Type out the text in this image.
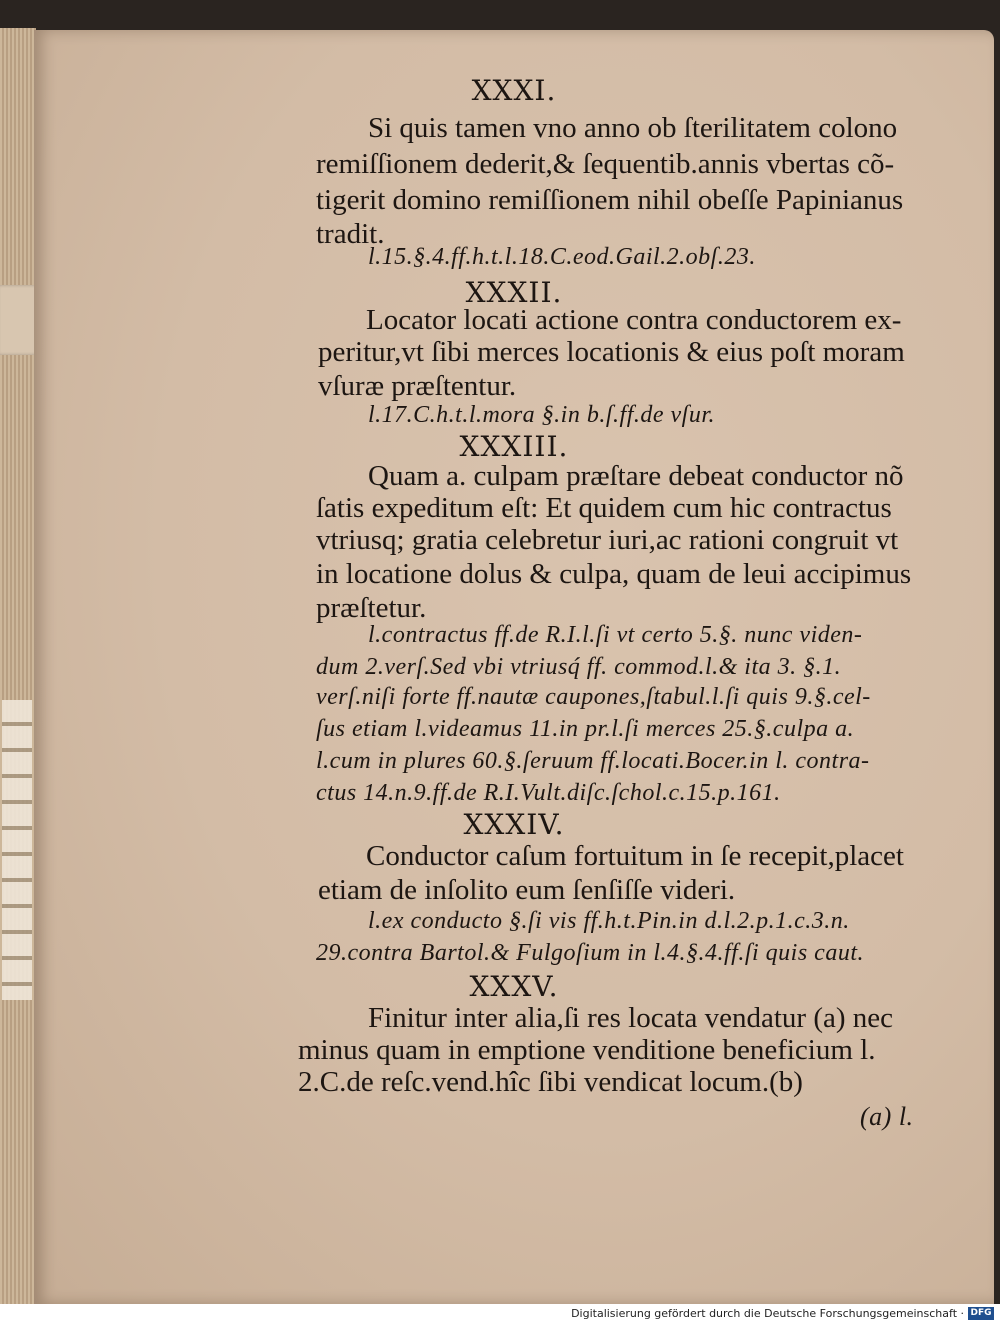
XXXI.
Si quis tamen vno anno ob ſterilitatem colono
remiſſionem dederit,& ſequentib.annis vbertas cõ-
tigerit domino remiſſionem nihil obeſſe Papinianus
tradit.
l.15.§.4.ff.h.t.l.18.C.eod.Gail.2.obſ.23.
XXXII.
Locator locati actione contra conductorem ex-
peritur,vt ſibi merces locationis & eius poſt moram
vſuræ præſtentur.
l.17.C.h.t.l.mora §.in b.ſ.ff.de vſur.
XXXIII.
Quam a. culpam præſtare debeat conductor nõ
ſatis expeditum eſt: Et quidem cum hic contractus
vtriusq; gratia celebretur iuri,ac rationi congruit vt
in locatione dolus & culpa, quam de leui accipimus
præſtetur.
l.contractus ff.de R.I.l.ſi vt certo 5.§. nunc viden-
dum 2.verſ.Sed vbi vtriusq́ ff. commod.l.& ita 3. §.1.
verſ.niſi forte ff.nautæ caupones,ſtabul.l.ſi quis 9.§.cel-
ſus etiam l.videamus 11.in pr.l.ſi merces 25.§.culpa a.
l.cum in plures 60.§.ſeruum ff.locati.Bocer.in l. contra-
ctus 14.n.9.ff.de R.I.Vult.diſc.ſchol.c.15.p.161.
XXXIV.
Conductor caſum fortuitum in ſe recepit,placet
etiam de inſolito eum ſenſiſſe videri.
l.ex conducto §.ſi vis ff.h.t.Pin.in d.l.2.p.1.c.3.n.
29.contra Bartol.& Fulgoſium in l.4.§.4.ff.ſi quis caut.
XXXV.
Finitur inter alia,ſi res locata vendatur (a) nec
minus quam in emptione venditione beneficium l.
2.C.de reſc.vend.hîc ſibi vendicat locum.(b)
(a) l.
Digitalisierung gefördert durch die Deutsche Forschungsgemeinschaft · DFG
